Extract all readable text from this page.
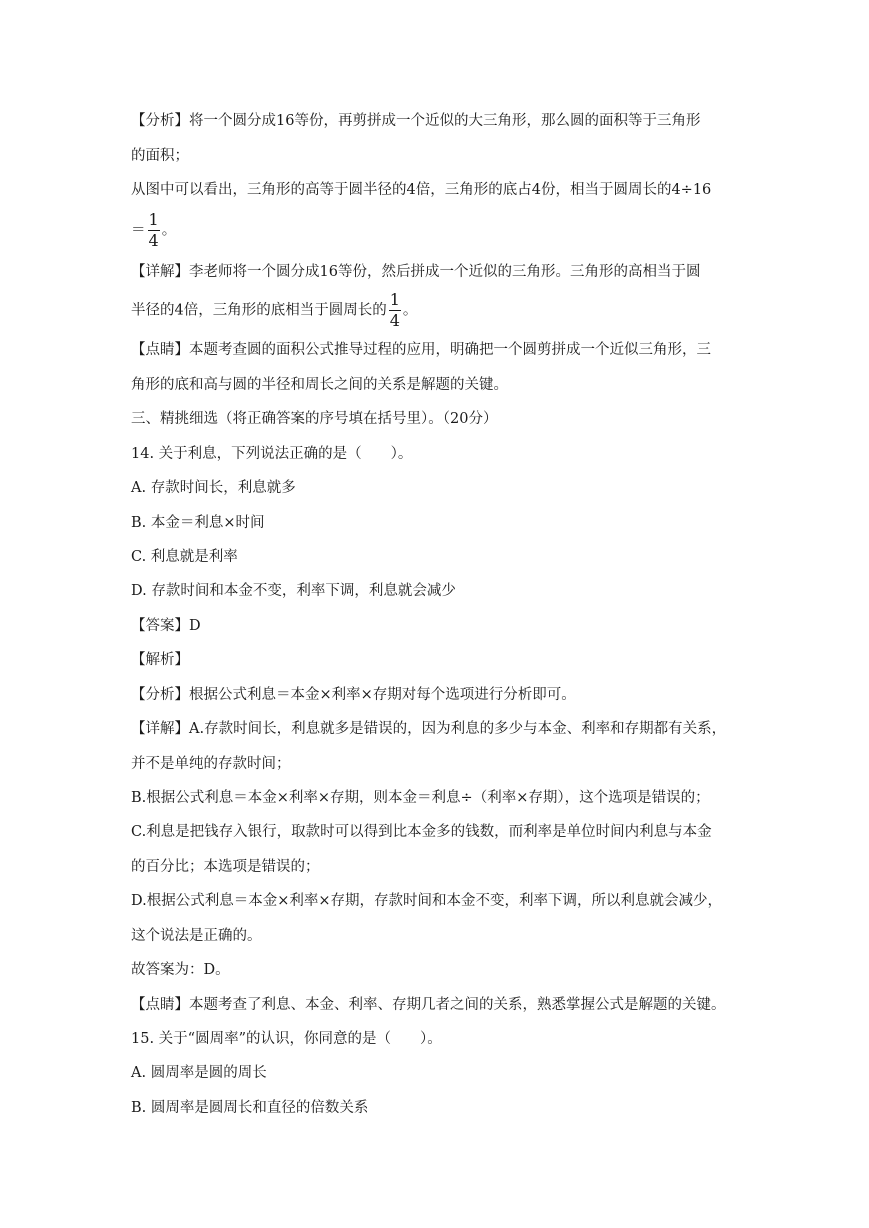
【分析】将一个圆分成16等份，再剪拼成一个近似的大三角形，那么圆的面积等于三角形
的面积；
从图中可以看出，三角形的高等于圆半径的4倍，三角形的底占4份，相当于圆周长的4÷16
＝ $\frac{1}{4}$ 。
【详解】李老师将一个圆分成16等份，然后拼成一个近似的三角形。三角形的高相当于圆
半径的4倍，三角形的底相当于圆周长的 $\frac{1}{4}$ 。
【点睛】本题考查圆的面积公式推导过程的应用，明确把一个圆剪拼成一个近似三角形，三
角形的底和高与圆的半径和周长之间的关系是解题的关键。
三、精挑细选（将正确答案的序号填在括号里）。（20分）
14. 关于利息，下列说法正确的是（　　）。
A. 存款时间长，利息就多
B. 本金＝利息×时间
C. 利息就是利率
D. 存款时间和本金不变，利率下调，利息就会减少
【答案】D
【解析】
【分析】根据公式利息＝本金×利率×存期对每个选项进行分析即可。
【详解】A.存款时间长，利息就多是错误的，因为利息的多少与本金、利率和存期都有关系，
并不是单纯的存款时间；
B.根据公式利息＝本金×利率×存期，则本金＝利息÷（利率×存期），这个选项是错误的；
C.利息是把钱存入银行，取款时可以得到比本金多的钱数，而利率是单位时间内利息与本金
的百分比；本选项是错误的；
D.根据公式利息＝本金×利率×存期，存款时间和本金不变，利率下调，所以利息就会减少，
这个说法是正确的。
故答案为：D。
【点睛】本题考查了利息、本金、利率、存期几者之间的关系，熟悉掌握公式是解题的关键。
15. 关于“圆周率”的认识，你同意的是（　　）。
A. 圆周率是圆的周长
B. 圆周率是圆周长和直径的倍数关系
